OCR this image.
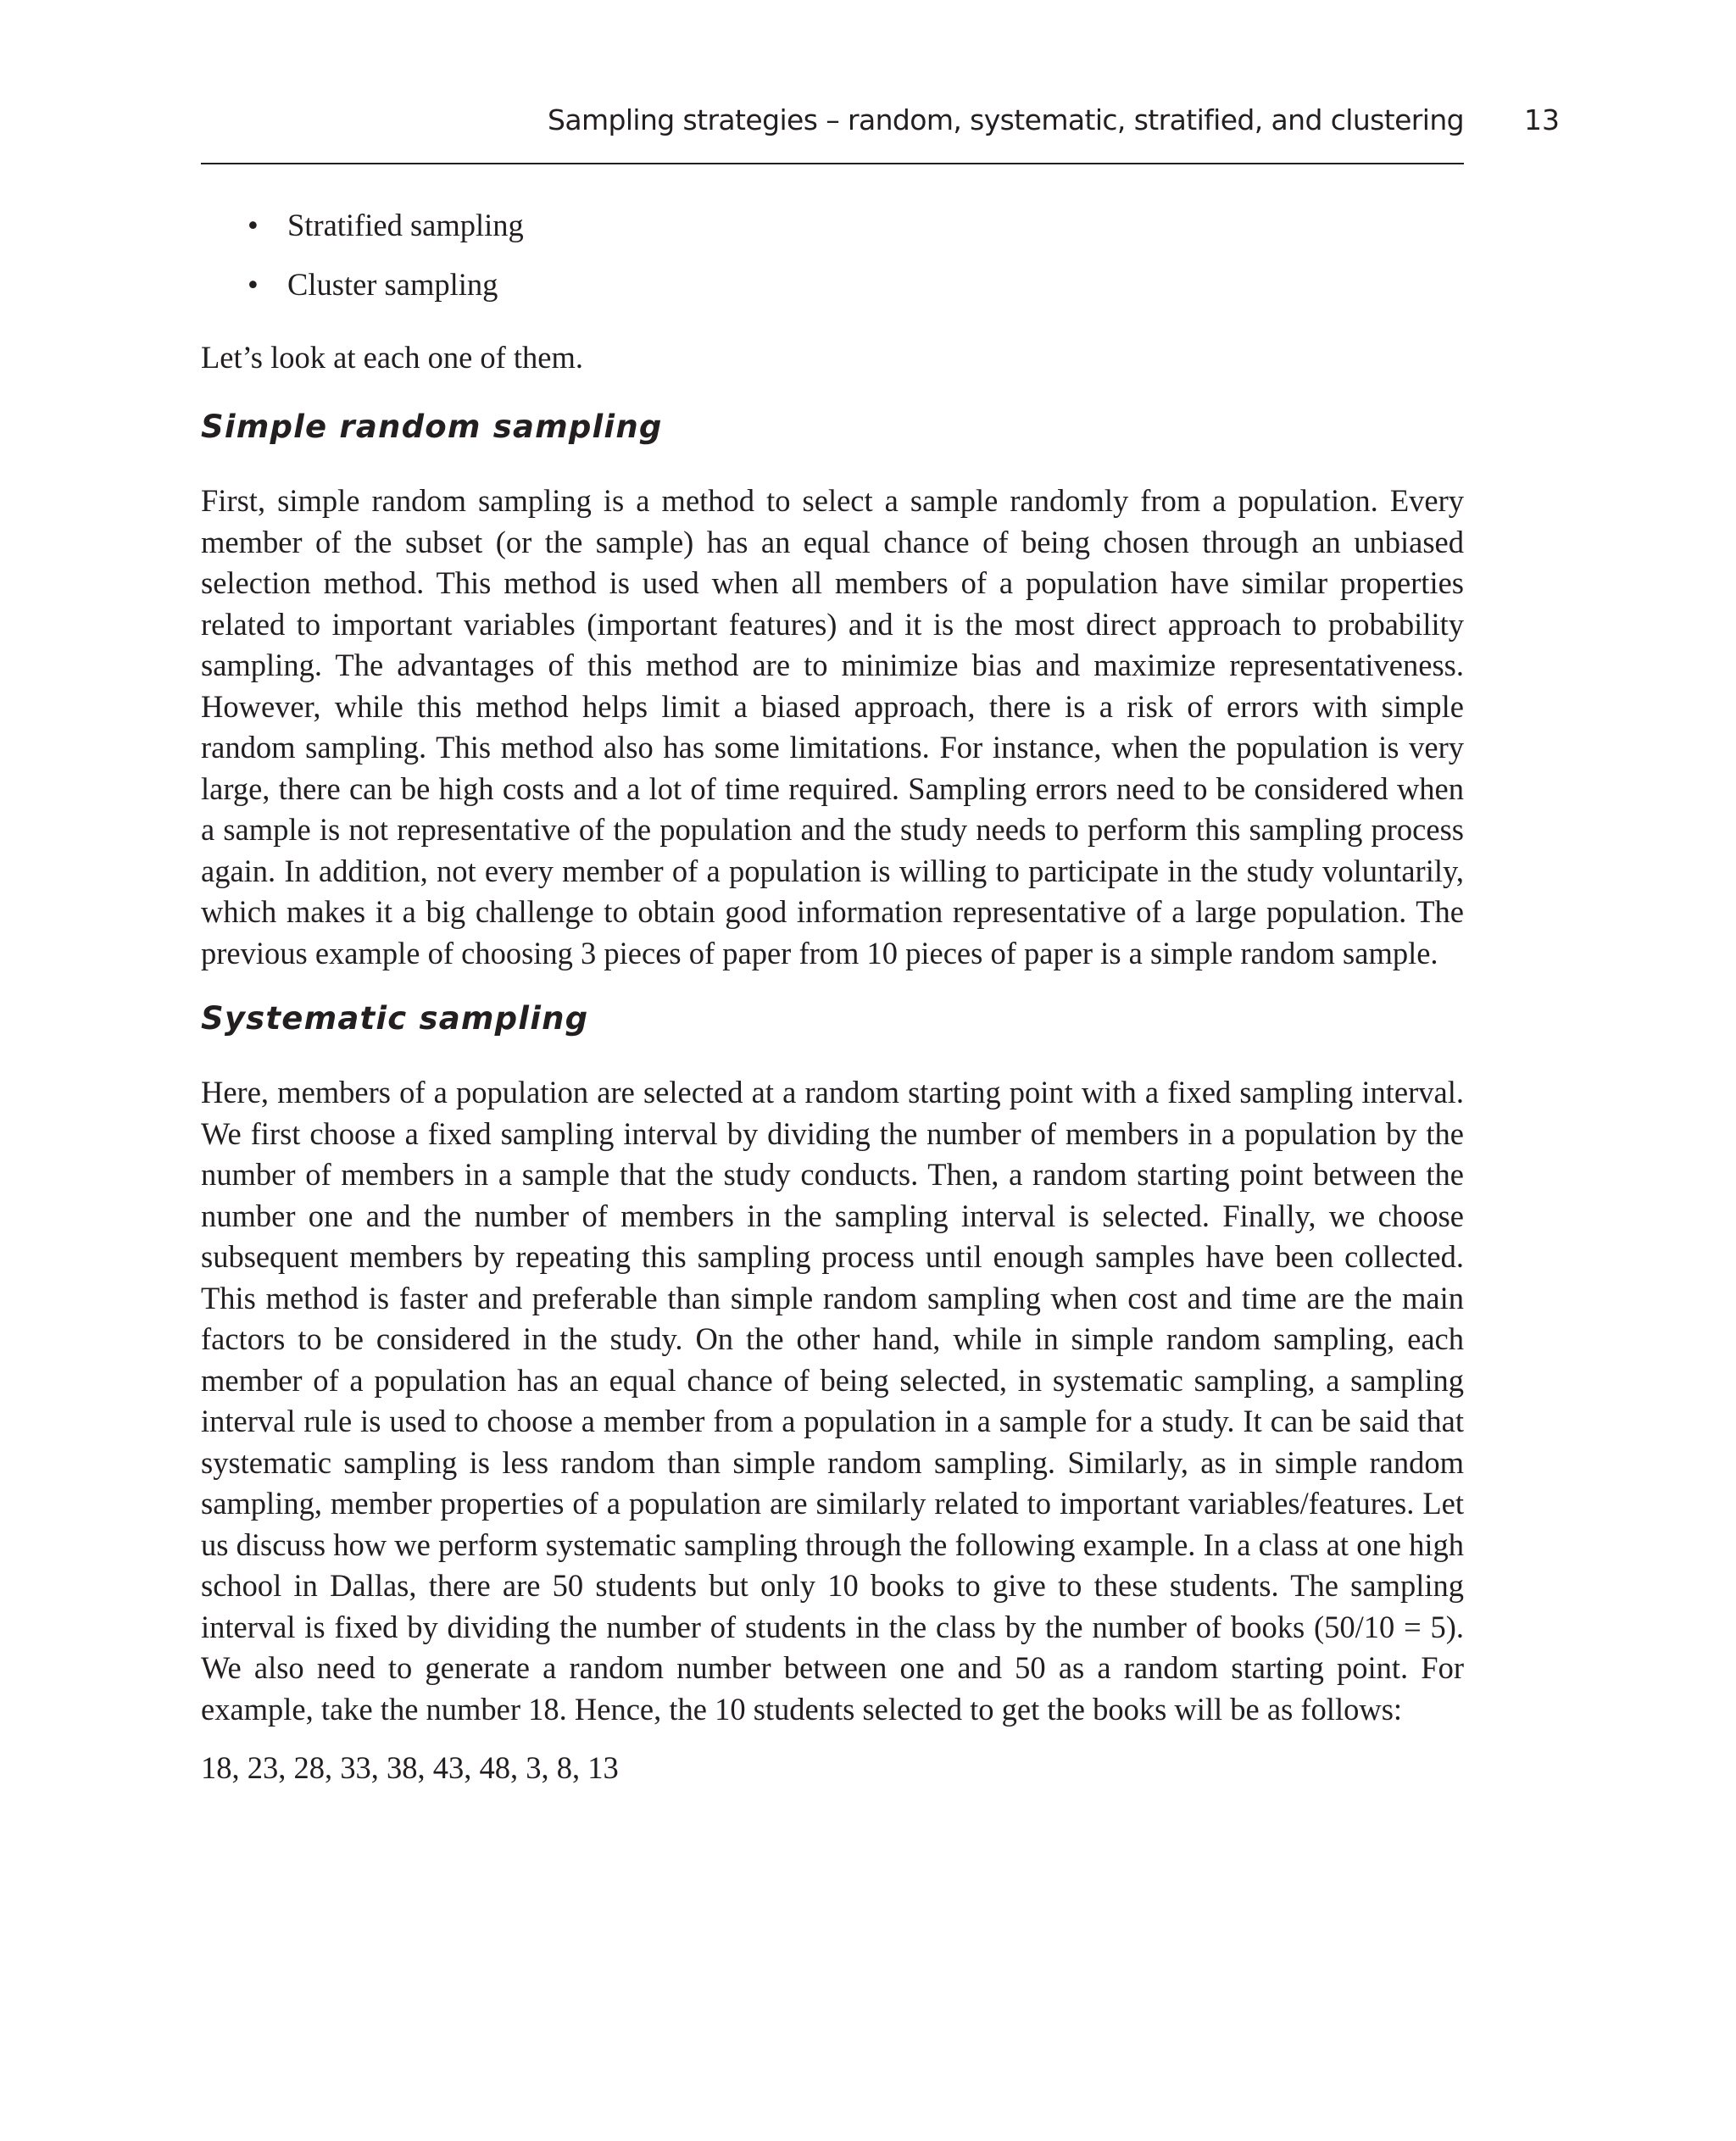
Sampling strategies – random, systematic, stratified, and clustering	13
• Stratified sampling
• Cluster sampling

Let’s look at each one of them.

Simple random sampling

First, simple random sampling is a method to select a sample randomly from a population. Every member of the subset (or the sample) has an equal chance of being chosen through an unbiased selection method. This method is used when all members of a population have similar properties related to important variables (important features) and it is the most direct approach to probability sampling. The advantages of this method are to minimize bias and maximize representativeness. However, while this method helps limit a biased approach, there is a risk of errors with simple random sampling. This method also has some limitations. For instance, when the population is very large, there can be high costs and a lot of time required. Sampling errors need to be considered when a sample is not representative of the population and the study needs to perform this sampling process again. In addition, not every member of a population is willing to participate in the study voluntarily, which makes it a big challenge to obtain good information representative of a large population. The previous example of choosing 3 pieces of paper from 10 pieces of paper is a simple random sample.

Systematic sampling

Here, members of a population are selected at a random starting point with a fixed sampling interval. We first choose a fixed sampling interval by dividing the number of members in a population by the number of members in a sample that the study conducts. Then, a random starting point between the number one and the number of members in the sampling interval is selected. Finally, we choose subsequent members by repeating this sampling process until enough samples have been collected. This method is faster and preferable than simple random sampling when cost and time are the main factors to be considered in the study. On the other hand, while in simple random sampling, each member of a population has an equal chance of being selected, in systematic sampling, a sampling interval rule is used to choose a member from a population in a sample for a study. It can be said that systematic sampling is less random than simple random sampling. Similarly, as in simple random sampling, member properties of a population are similarly related to important variables/features. Let us discuss how we perform systematic sampling through the following example. In a class at one high school in Dallas, there are 50 students but only 10 books to give to these students. The sampling interval is fixed by dividing the number of students in the class by the number of books (50/10 = 5). We also need to generate a random number between one and 50 as a random starting point. For example, take the number 18. Hence, the 10 students selected to get the books will be as follows:

18, 23, 28, 33, 38, 43, 48, 3, 8, 13
